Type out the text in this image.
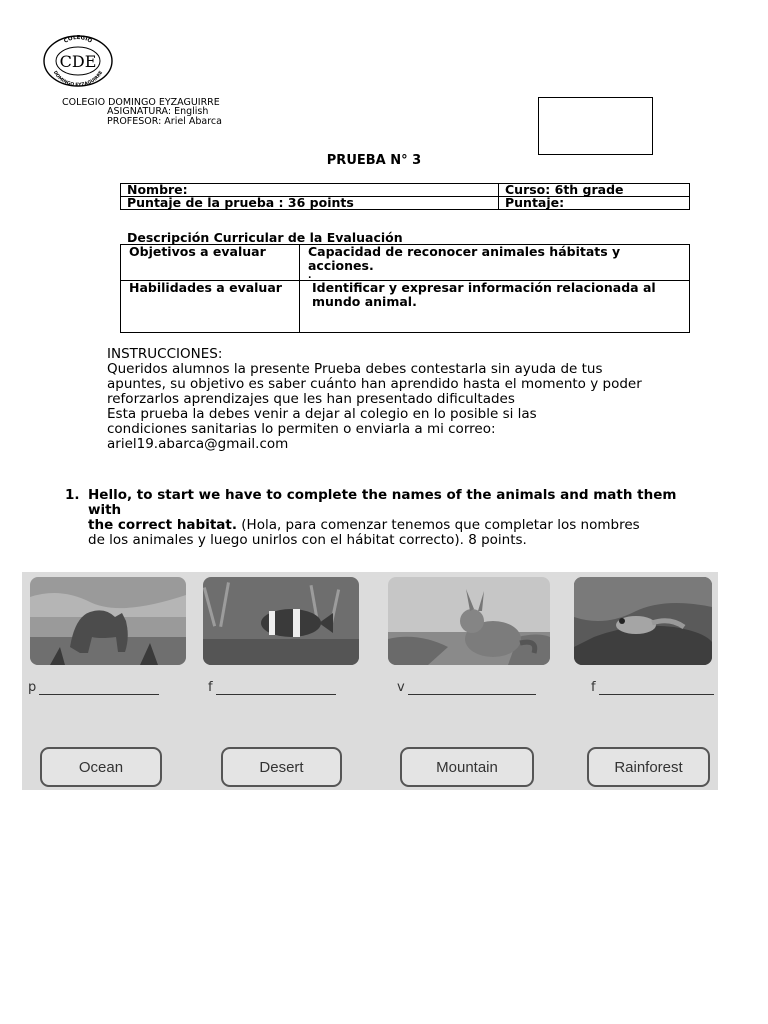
COLEGIO
CDE
DOMINGO EYZAGUIRRE
COLEGIO DOMINGO EYZAGUIRRE
ASIGNATURA: English
PROFESOR: Ariel Abarca
PRUEBA N° 3
Nombre:	Curso: 6th grade
Puntaje de la prueba : 36 points	Puntaje:
Descripción Curricular de la Evaluación
Objetivos a evaluar	Capacidad de reconocer animales hábitats y acciones.
.

Habilidades a evaluar	Identificar y expresar información relacionada al mundo animal.
INSTRUCCIONES:
Queridos alumnos la presente Prueba debes contestarla sin ayuda de tus
apuntes, su objetivo es saber cuánto han aprendido hasta el momento y poder
reforzarlos aprendizajes que les han presentado dificultades
Esta prueba la debes venir a dejar al colegio en lo posible si las
condiciones sanitarias lo permiten o enviarla a mi correo:
ariel19.abarca@gmail.com
1. Hello, to start we have to complete the names of the animals and math them with
the correct habitat. (Hola, para comenzar tenemos que completar los nombres
de los animales y luego unirlos con el hábitat correcto). 8 points.
p	f	v	f
Ocean	Desert	Mountain	Rainforest
